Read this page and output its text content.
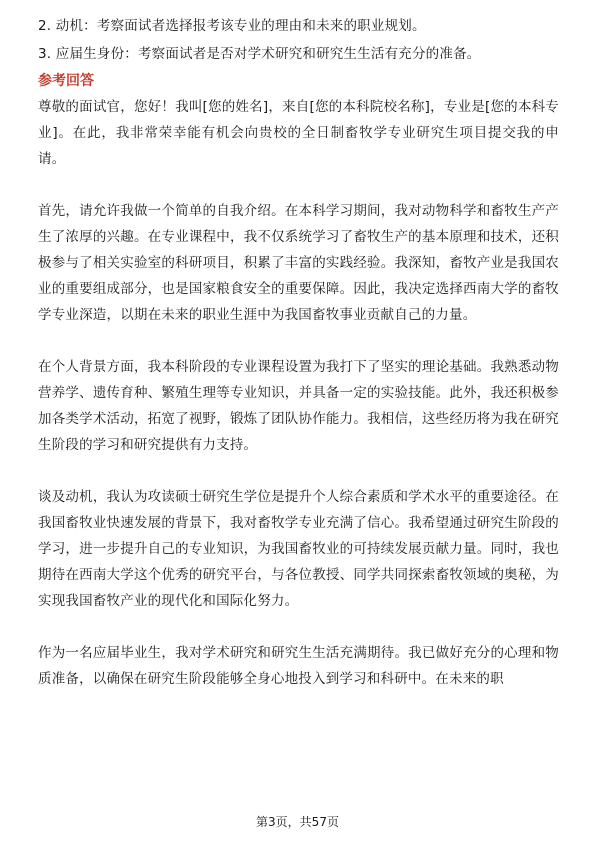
2. 动机：考察面试者选择报考该专业的理由和未来的职业规划。

3. 应届生身份：考察面试者是否对学术研究和研究生生活有充分的准备。

参考回答

尊敬的面试官，您好！我叫[您的姓名]，来自[您的本科院校名称]，专业是[您的本科专业]。在此，我非常荣幸能有机会向贵校的全日制畜牧学专业研究生项目提交我的申请。

首先，请允许我做一个简单的自我介绍。在本科学习期间，我对动物科学和畜牧生产产生了浓厚的兴趣。在专业课程中，我不仅系统学习了畜牧生产的基本原理和技术，还积极参与了相关实验室的科研项目，积累了丰富的实践经验。我深知，畜牧产业是我国农业的重要组成部分，也是国家粮食安全的重要保障。因此，我决定选择西南大学的畜牧学专业深造，以期在未来的职业生涯中为我国畜牧事业贡献自己的力量。

在个人背景方面，我本科阶段的专业课程设置为我打下了坚实的理论基础。我熟悉动物营养学、遗传育种、繁殖生理等专业知识，并具备一定的实验技能。此外，我还积极参加各类学术活动，拓宽了视野，锻炼了团队协作能力。我相信，这些经历将为我在研究生阶段的学习和研究提供有力支持。

谈及动机，我认为攻读硕士研究生学位是提升个人综合素质和学术水平的重要途径。在我国畜牧业快速发展的背景下，我对畜牧学专业充满了信心。我希望通过研究生阶段的学习，进一步提升自己的专业知识，为我国畜牧业的可持续发展贡献力量。同时，我也期待在西南大学这个优秀的研究平台，与各位教授、同学共同探索畜牧领域的奥秘，为实现我国畜牧产业的现代化和国际化努力。

作为一名应届毕业生，我对学术研究和研究生生活充满期待。我已做好充分的心理和物质准备，以确保在研究生阶段能够全身心地投入到学习和科研中。在未来的职

第3页，共57页
